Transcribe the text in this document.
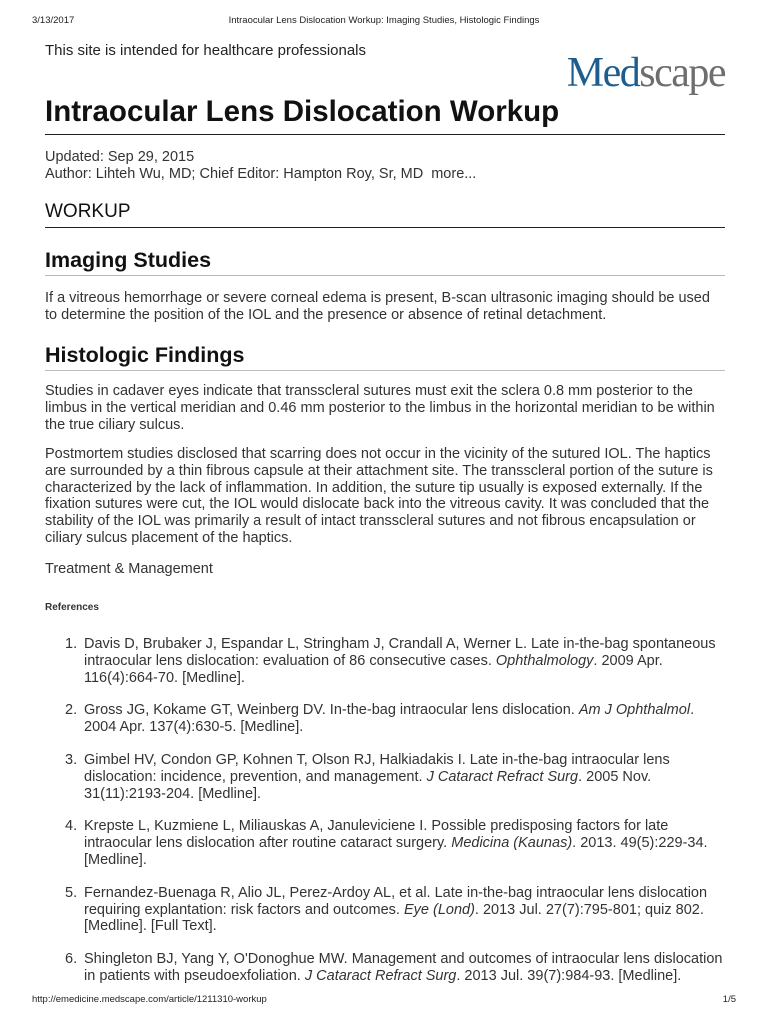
3/13/2017	Intraocular Lens Dislocation Workup: Imaging Studies, Histologic Findings
This site is intended for healthcare professionals	Medscape
Intraocular Lens Dislocation Workup
Updated: Sep 29, 2015
Author: Lihteh Wu, MD; Chief Editor: Hampton Roy, Sr, MD more...
WORKUP
Imaging Studies

If a vitreous hemorrhage or severe corneal edema is present, B-scan ultrasonic imaging should be used to determine the position of the IOL and the presence or absence of retinal detachment.

Histologic Findings

Studies in cadaver eyes indicate that transscleral sutures must exit the sclera 0.8 mm posterior to the limbus in the vertical meridian and 0.46 mm posterior to the limbus in the horizontal meridian to be within the true ciliary sulcus.

Postmortem studies disclosed that scarring does not occur in the vicinity of the sutured IOL. The haptics are surrounded by a thin fibrous capsule at their attachment site. The transscleral portion of the suture is characterized by the lack of inflammation. In addition, the suture tip usually is exposed externally. If the fixation sutures were cut, the IOL would dislocate back into the vitreous cavity. It was concluded that the stability of the IOL was primarily a result of intact transscleral sutures and not fibrous encapsulation or ciliary sulcus placement of the haptics.

Treatment & Management
References
1. Davis D, Brubaker J, Espandar L, Stringham J, Crandall A, Werner L. Late in-the-bag spontaneous intraocular lens dislocation: evaluation of 86 consecutive cases. Ophthalmology. 2009 Apr. 116(4):664-70. [Medline].
2. Gross JG, Kokame GT, Weinberg DV. In-the-bag intraocular lens dislocation. Am J Ophthalmol. 2004 Apr. 137(4):630-5. [Medline].
3. Gimbel HV, Condon GP, Kohnen T, Olson RJ, Halkiadakis I. Late in-the-bag intraocular lens dislocation: incidence, prevention, and management. J Cataract Refract Surg. 2005 Nov. 31(11):2193-204. [Medline].
4. Krepste L, Kuzmiene L, Miliauskas A, Januleviciene I. Possible predisposing factors for late intraocular lens dislocation after routine cataract surgery. Medicina (Kaunas). 2013. 49(5):229-34. [Medline].
5. Fernandez-Buenaga R, Alio JL, Perez-Ardoy AL, et al. Late in-the-bag intraocular lens dislocation requiring explantation: risk factors and outcomes. Eye (Lond). 2013 Jul. 27(7):795-801; quiz 802. [Medline]. [Full Text].
6. Shingleton BJ, Yang Y, O'Donoghue MW. Management and outcomes of intraocular lens dislocation in patients with pseudoexfoliation. J Cataract Refract Surg. 2013 Jul. 39(7):984-93. [Medline].
http://emedicine.medscape.com/article/1211310-workup	1/5
